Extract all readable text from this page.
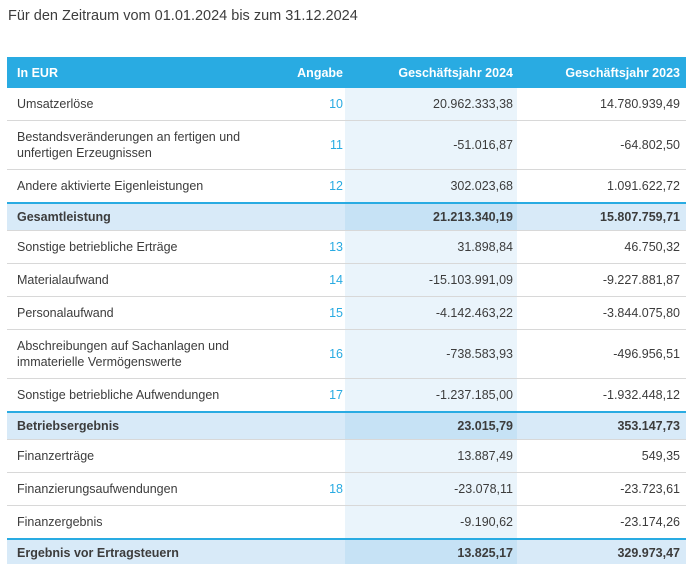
Für den Zeitraum vom 01.01.2024 bis zum 31.12.2024
In EUR	Angabe	Geschäftsjahr 2024	Geschäftsjahr 2023
Umsatzerlöse	10	20.962.333,38	14.780.939,49
Bestandsveränderungen an fertigen und unfertigen Erzeugnissen	11	-51.016,87	-64.802,50
Andere aktivierte Eigenleistungen	12	302.023,68	1.091.622,72
Gesamtleistung		21.213.340,19	15.807.759,71
Sonstige betriebliche Erträge	13	31.898,84	46.750,32
Materialaufwand	14	-15.103.991,09	-9.227.881,87
Personalaufwand	15	-4.142.463,22	-3.844.075,80
Abschreibungen auf Sachanlagen und immaterielle Vermögenswerte	16	-738.583,93	-496.956,51
Sonstige betriebliche Aufwendungen	17	-1.237.185,00	-1.932.448,12
Betriebsergebnis		23.015,79	353.147,73
Finanzerträge		13.887,49	549,35
Finanzierungsaufwendungen	18	-23.078,11	-23.723,61
Finanzergebnis		-9.190,62	-23.174,26
Ergebnis vor Ertragsteuern		13.825,17	329.973,47
